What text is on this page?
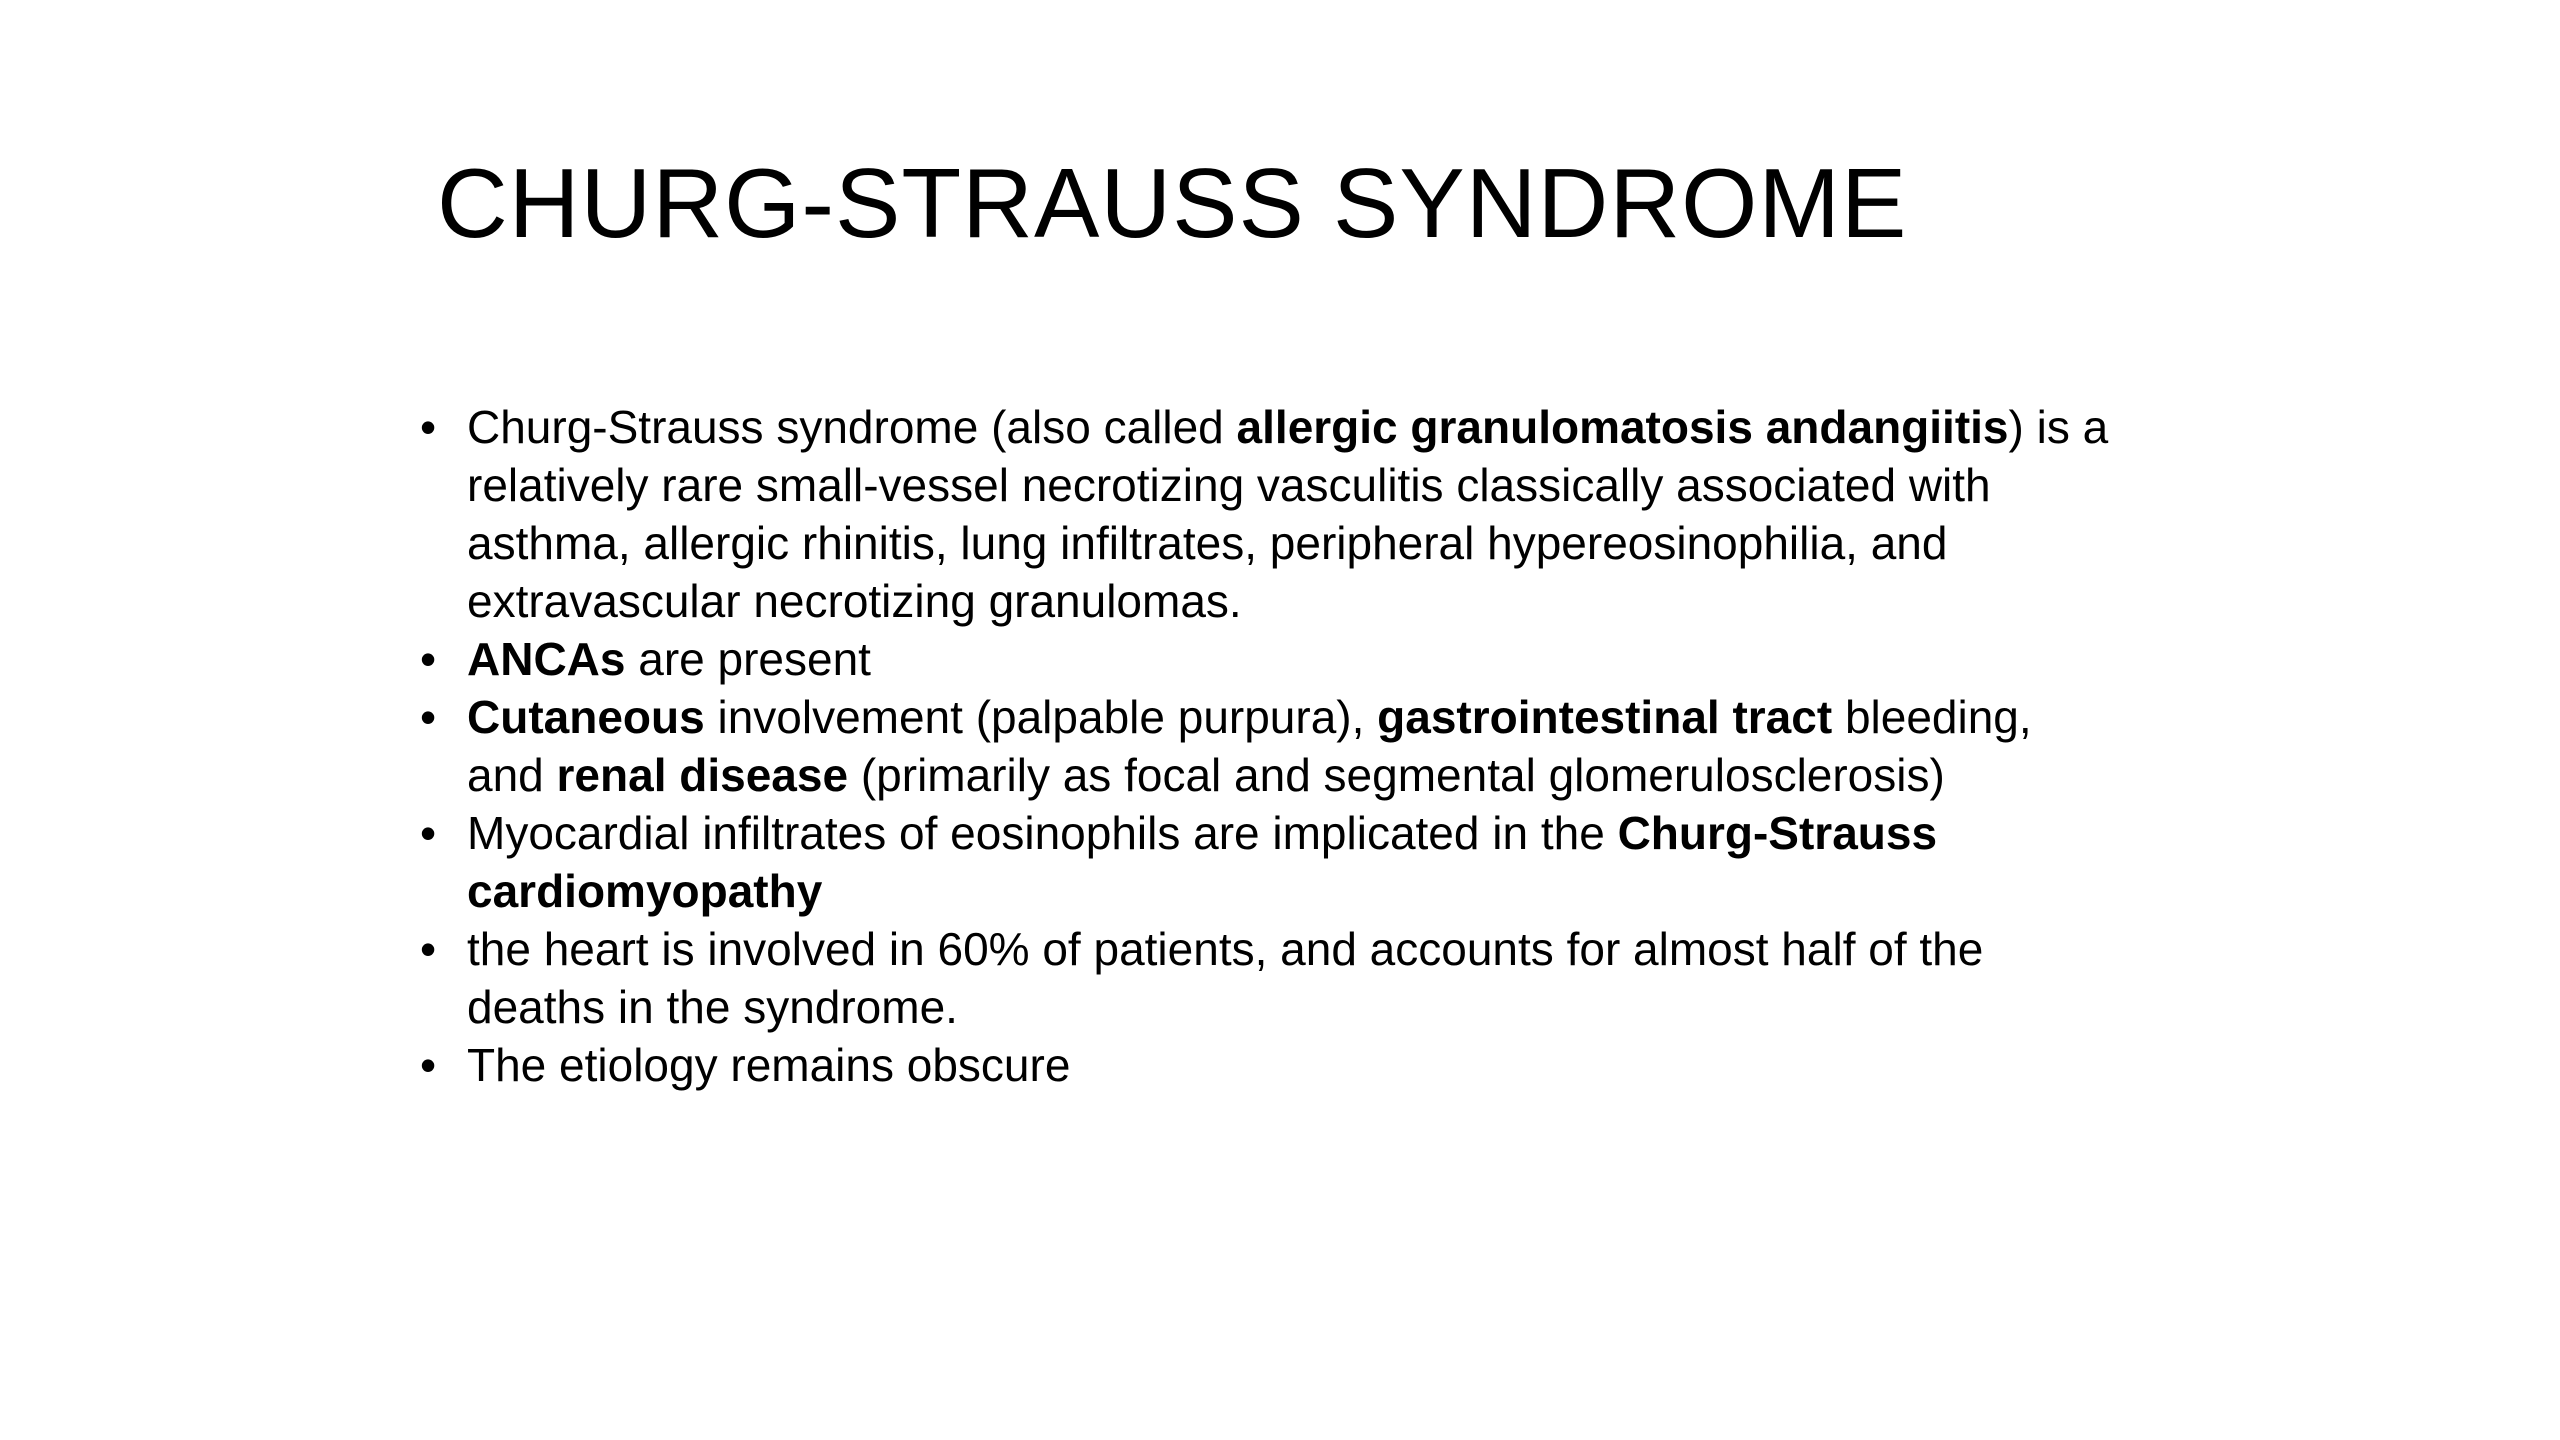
CHURG-STRAUSS SYNDROME
• Churg-Strauss syndrome (also called allergic granulomatosis andangiitis) is a relatively rare small-vessel necrotizing vasculitis classically associated with asthma, allergic rhinitis, lung infiltrates, peripheral hypereosinophilia, and extravascular necrotizing granulomas.
• ANCAs are present
• Cutaneous involvement (palpable purpura), gastrointestinal tract bleeding, and renal disease (primarily as focal and segmental glomerulosclerosis)
• Myocardial infiltrates of eosinophils are implicated in the Churg-Strauss cardiomyopathy
• the heart is involved in 60% of patients, and accounts for almost half of the deaths in the syndrome.
• The etiology remains obscure
